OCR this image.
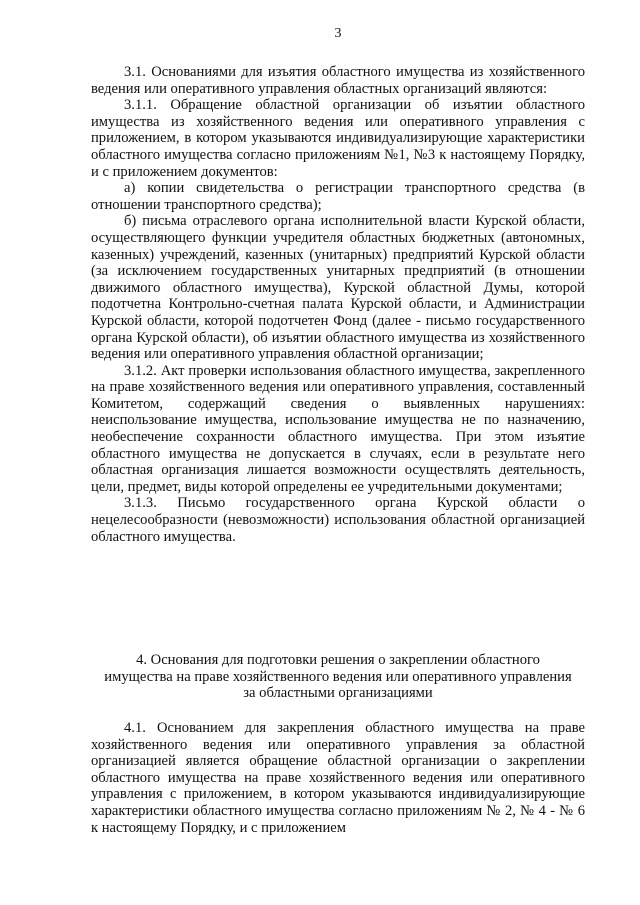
3

3.1. Основаниями для изъятия областного имущества из хозяйственного ведения или оперативного управления областных организаций являются:

3.1.1. Обращение областной организации об изъятии областного имущества из хозяйственного ведения или оперативного управления с приложением, в котором указываются индивидуализирующие характеристики областного имущества согласно приложениям №1, №3 к настоящему Порядку, и с приложением документов:

а) копии свидетельства о регистрации транспортного средства (в отношении транспортного средства);

б) письма отраслевого органа исполнительной власти Курской области, осуществляющего функции учредителя областных бюджетных (автономных, казенных) учреждений, казенных (унитарных) предприятий Курской области (за исключением государственных унитарных предприятий (в отношении движимого областного имущества), Курской областной Думы, которой подотчетна Контрольно-счетная палата Курской области, и Администрации Курской области, которой подотчетен Фонд (далее - письмо государственного органа Курской области), об изъятии областного имущества из хозяйственного ведения или оперативного управления областной организации;

3.1.2. Акт проверки использования областного имущества, закрепленного на праве хозяйственного ведения или оперативного управления, составленный Комитетом, содержащий сведения о выявленных нарушениях: неиспользование имущества, использование имущества не по назначению, необеспечение сохранности областного имущества. При этом изъятие областного имущества не допускается в случаях, если в результате него областная организация лишается возможности осуществлять деятельность, цели, предмет, виды которой определены ее учредительными документами;

3.1.3. Письмо государственного органа Курской области о нецелесообразности (невозможности) использования областной организацией областного имущества.

4. Основания для подготовки решения о закреплении областного
имущества на праве хозяйственного ведения или оперативного управления
за областными организациями

4.1. Основанием для закрепления областного имущества на праве хозяйственного ведения или оперативного управления за областной организацией является обращение областной организации о закреплении областного имущества на праве хозяйственного ведения или оперативного управления с приложением, в котором указываются индивидуализирующие характеристики областного имущества согласно приложениям № 2, № 4 - № 6 к настоящему Порядку, и с приложением
